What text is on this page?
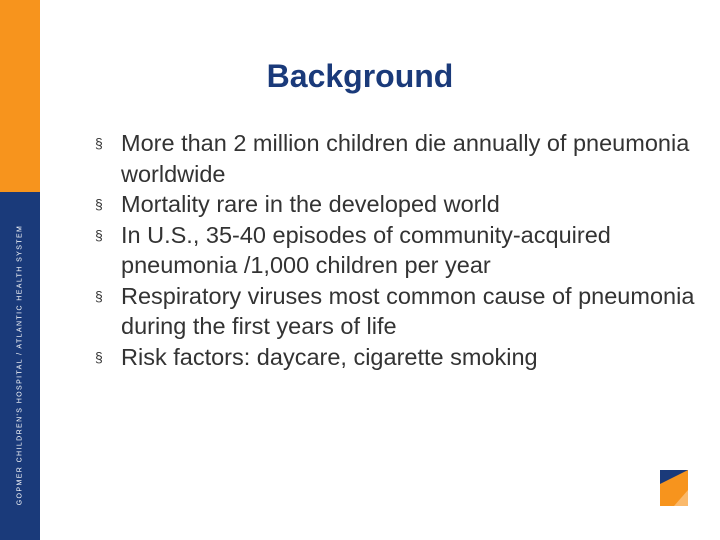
GOPMER CHILDREN'S HOSPITAL / ATLANTIC HEALTH SYSTEM
Background
§ More than 2 million children die annually of pneumonia worldwide
§ Mortality rare in the developed world
§ In U.S., 35-40 episodes of community-acquired pneumonia /1,000 children per year
§ Respiratory viruses most common cause of pneumonia during the first years of life
§ Risk factors: daycare, cigarette smoking
